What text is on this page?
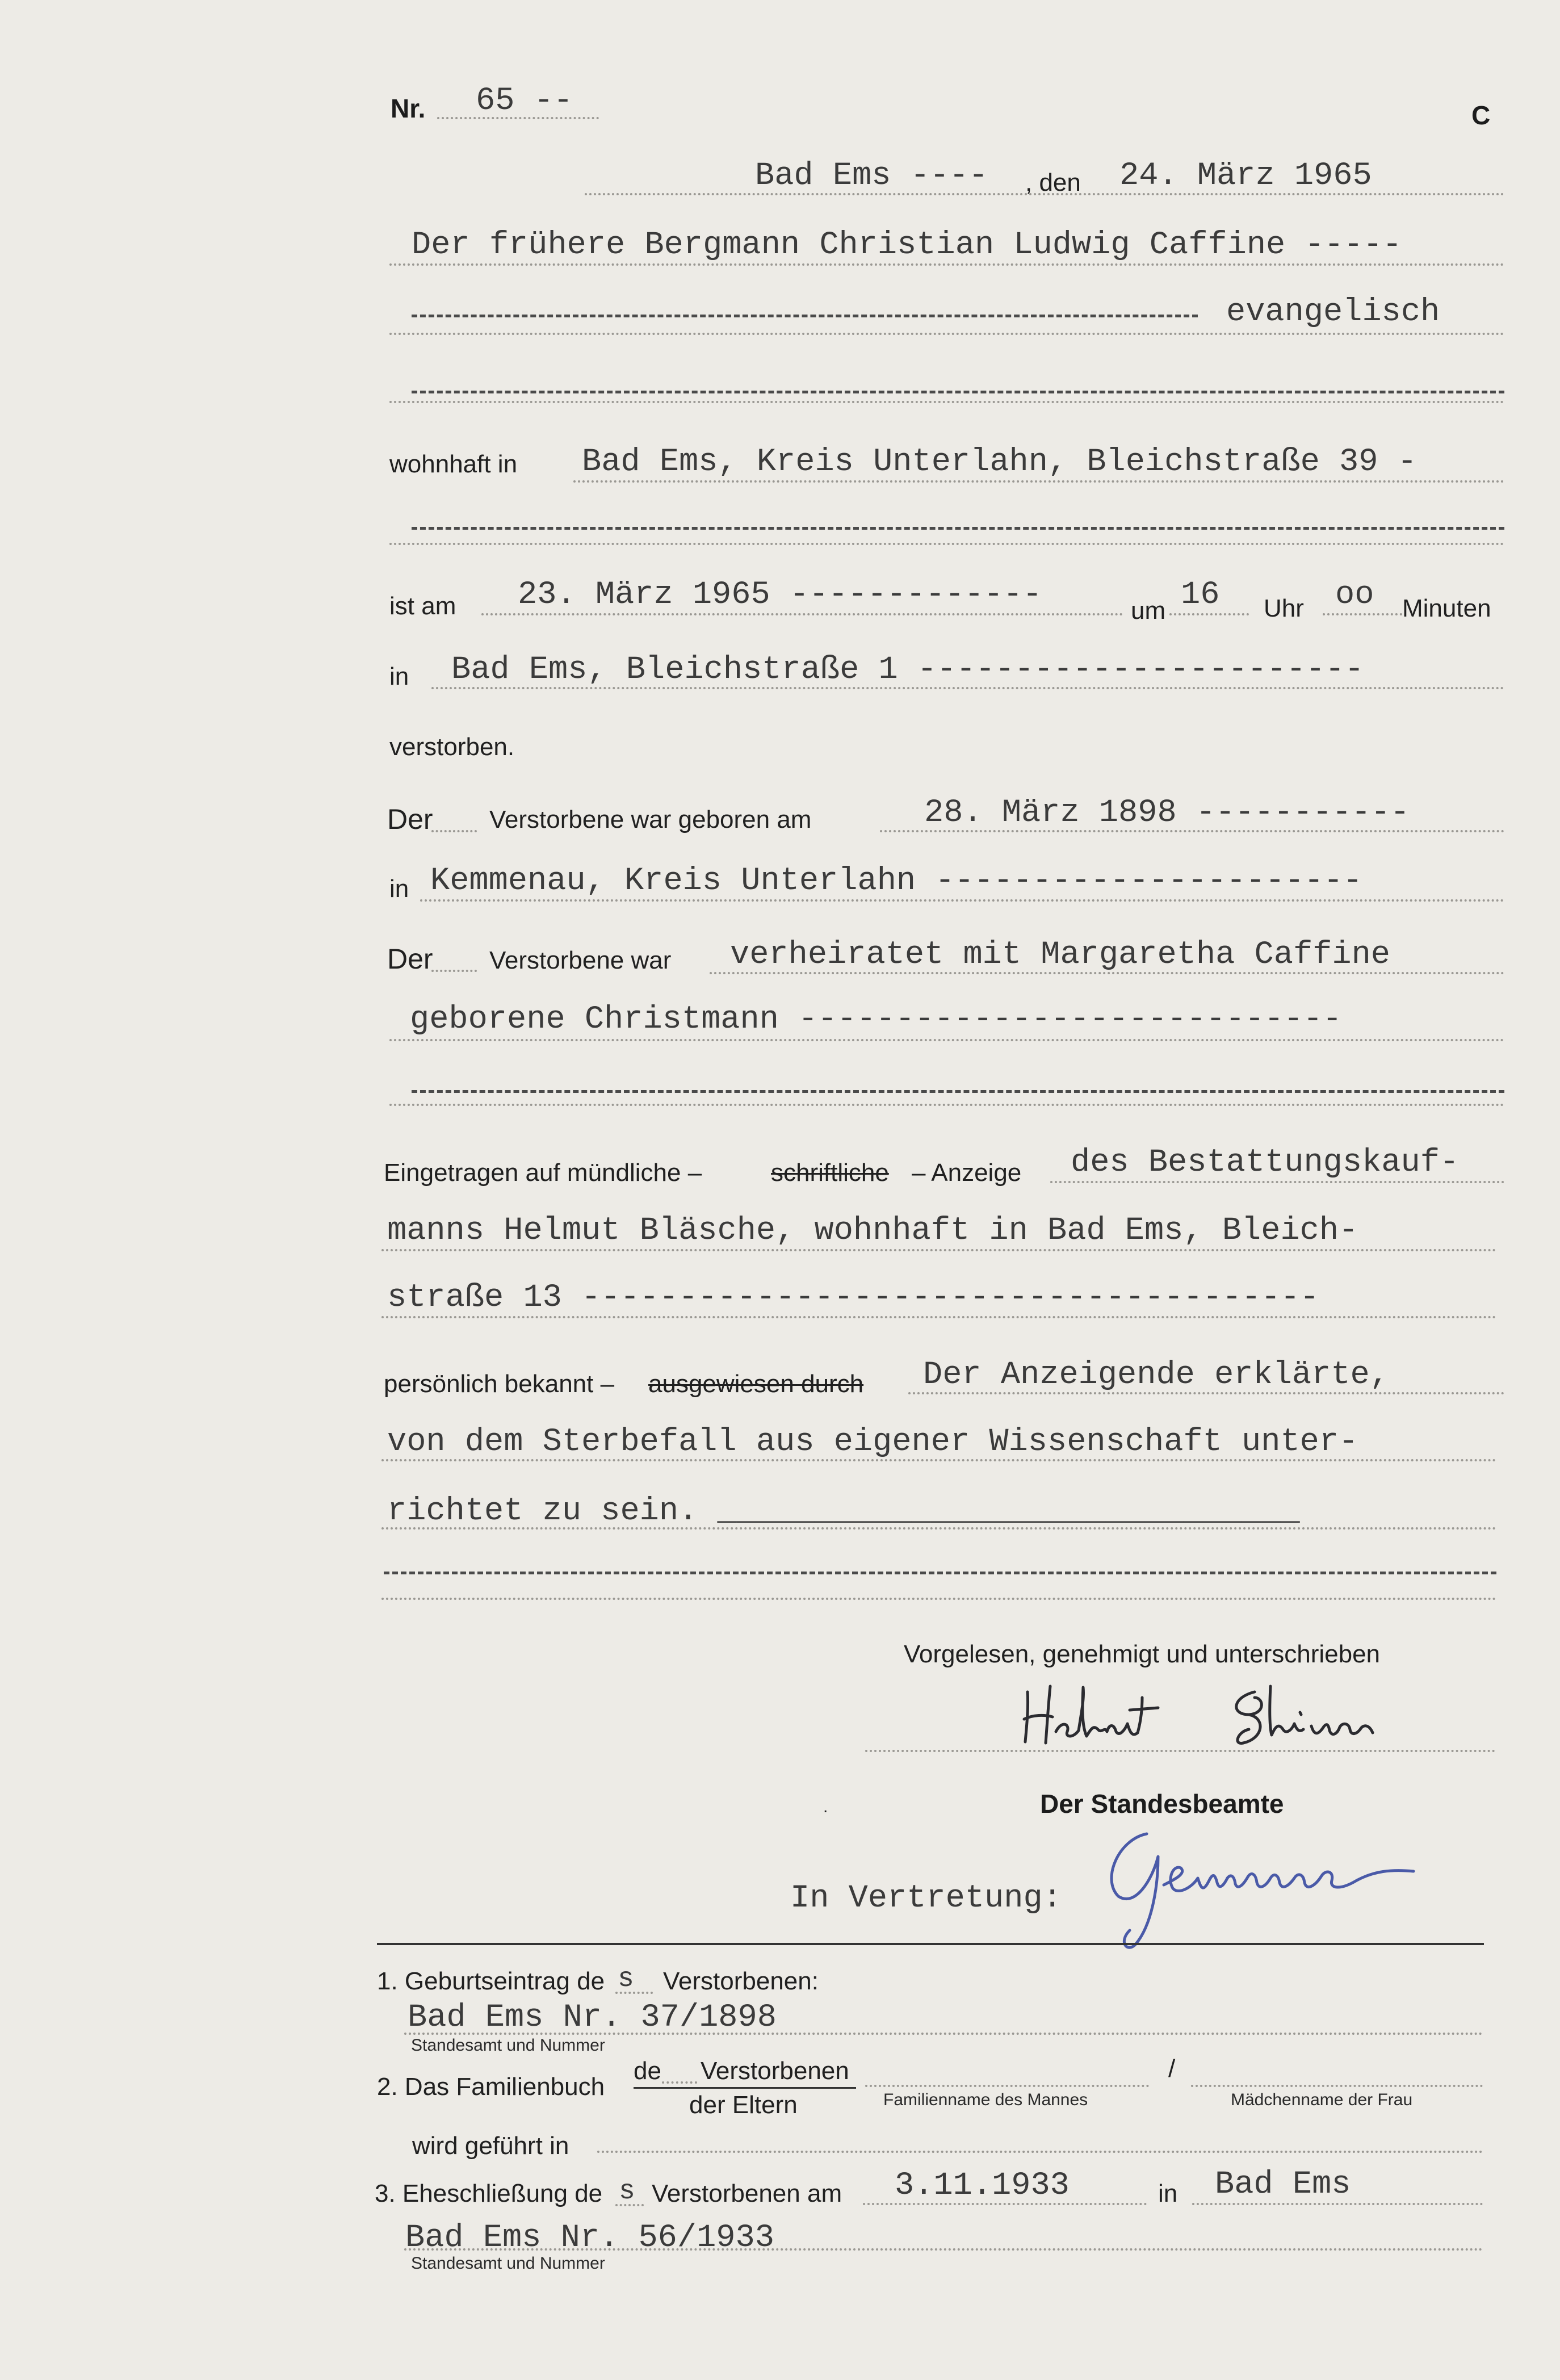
Nr. 65 --	C
Bad Ems ---- , den 24. März 1965
Der frühere Bergmann Christian Ludwig Caffine -----
evangelisch
wohnhaft in Bad Ems, Kreis Unterlahn, Bleichstraße 39 -
ist am 23. März 1965 -------------	um 16 Uhr oo Minuten
in Bad Ems, Bleichstraße 1 -----------------------
verstorben.
Der Verstorbene war geboren am	28. März 1898 -----------
in Kemmenau, Kreis Unterlahn ----------------------
Der Verstorbene war verheiratet mit Margaretha Caffine
geborene Christmann ----------------------------
Eingetragen auf mündliche –	schriftliche – Anzeige des Bestattungskauf-
manns Helmut Bläsche, wohnhaft in Bad Ems, Bleich-
straße 13 --------------------------------------
persönlich bekannt – ausgewiesen durch Der Anzeigende erklärte,
von dem Sterbefall aus eigener Wissenschaft unter-
richtet zu sein. ______________________________
Vorgelesen, genehmigt und unterschrieben
.	Der Standesbeamte
In Vertretung:
1. Geburtseintrag de s Verstorbenen:
Bad Ems Nr. 37/1898
Standesamt und Nummer
2. Das Familienbuch
de Verstorbenen
der Eltern	Familienname des Mannes
/
Mädchenname der Frau
wird geführt in
3. Eheschließung de s Verstorbenen am 3.11.1933	in Bad Ems
Bad Ems Nr. 56/1933
Standesamt und Nummer
